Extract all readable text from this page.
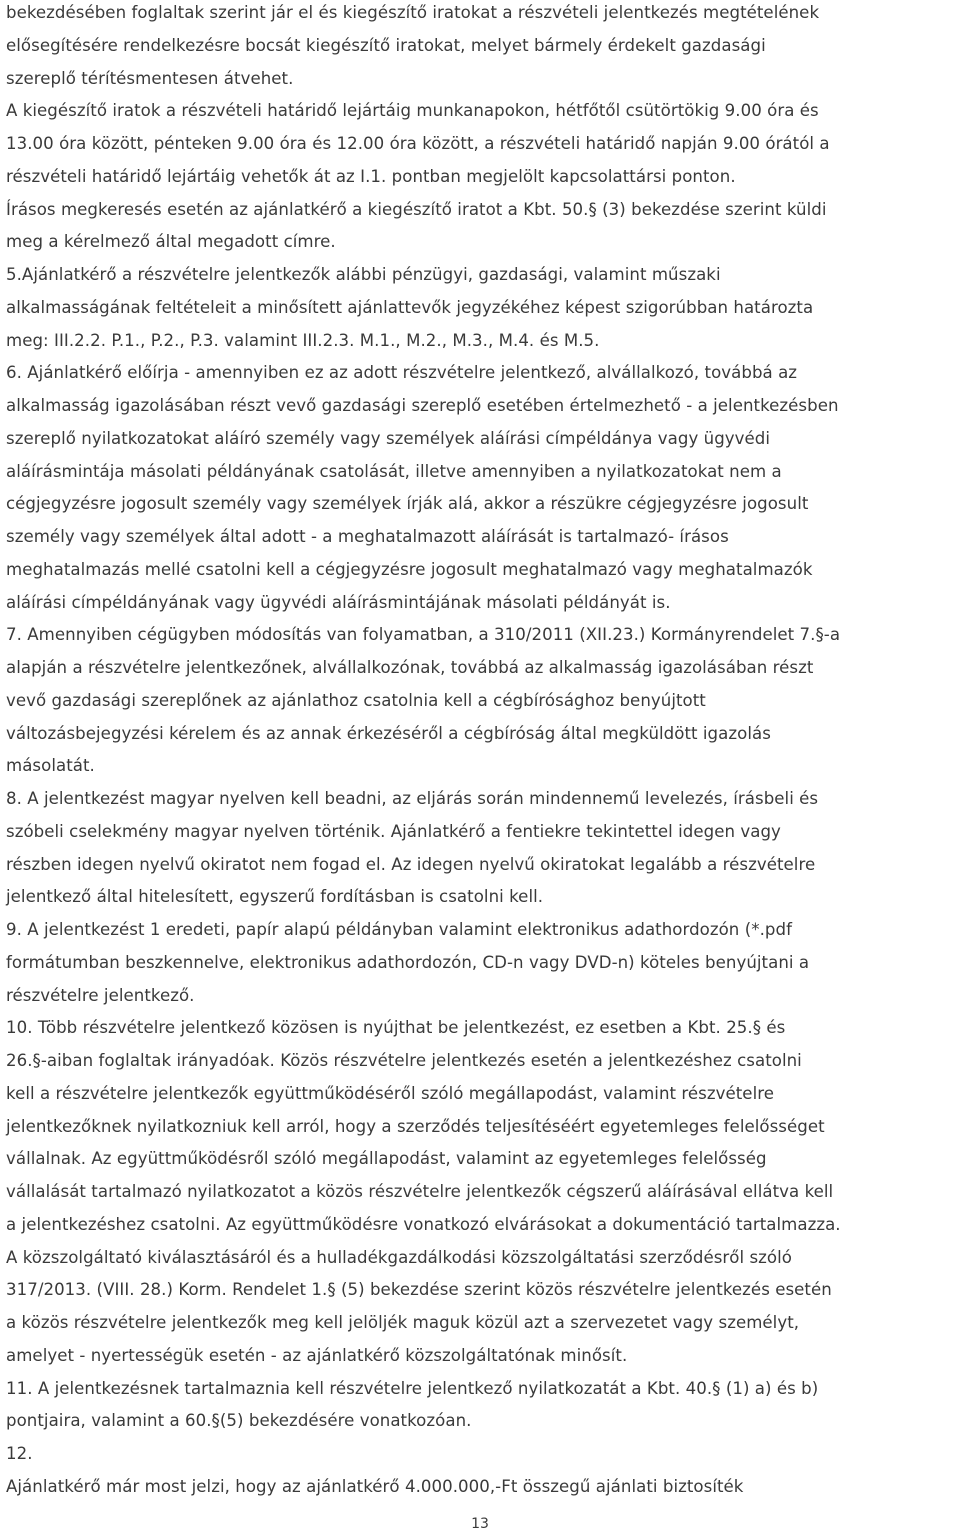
bekezdésében foglaltak szerint jár el és kiegészítő iratokat a részvételi jelentkezés megtételének
elősegítésére rendelkezésre bocsát kiegészítő iratokat, melyet bármely érdekelt gazdasági
szereplő térítésmentesen átvehet.
A kiegészítő iratok a részvételi határidő lejártáig munkanapokon, hétfőtől csütörtökig 9.00 óra és
13.00 óra között, pénteken 9.00 óra és 12.00 óra között, a részvételi határidő napján 9.00 órától a
részvételi határidő lejártáig vehetők át az I.1. pontban megjelölt kapcsolattársi ponton.
Írásos megkeresés esetén az ajánlatkérő a kiegészítő iratot a Kbt. 50.§ (3) bekezdése szerint küldi
meg a kérelmező által megadott címre.
5.Ajánlatkérő a részvételre jelentkezők alábbi pénzügyi, gazdasági, valamint műszaki
alkalmasságának feltételeit a minősített ajánlattevők jegyzékéhez képest szigorúbban határozta
meg: III.2.2. P.1., P.2., P.3. valamint III.2.3. M.1., M.2., M.3., M.4. és M.5.
6. Ajánlatkérő előírja - amennyiben ez az adott részvételre jelentkező, alvállalkozó, továbbá az
alkalmasság igazolásában részt vevő gazdasági szereplő esetében értelmezhető - a jelentkezésben
szereplő nyilatkozatokat aláíró személy vagy személyek aláírási címpéldánya vagy ügyvédi
aláírásmintája másolati példányának csatolását, illetve amennyiben a nyilatkozatokat nem a
cégjegyzésre jogosult személy vagy személyek írják alá, akkor a részükre cégjegyzésre jogosult
személy vagy személyek által adott - a meghatalmazott aláírását is tartalmazó- írásos
meghatalmazás mellé csatolni kell a cégjegyzésre jogosult meghatalmazó vagy meghatalmazók
aláírási címpéldányának vagy ügyvédi aláírásmintájának másolati példányát is.
7. Amennyiben cégügyben módosítás van folyamatban, a 310/2011 (XII.23.) Kormányrendelet 7.§-a
alapján a részvételre jelentkezőnek, alvállalkozónak, továbbá az alkalmasság igazolásában részt
vevő gazdasági szereplőnek az ajánlathoz csatolnia kell a cégbírósághoz benyújtott
változásbejegyzési kérelem és az annak érkezéséről a cégbíróság által megküldött igazolás
másolatát.
8. A jelentkezést magyar nyelven kell beadni, az eljárás során mindennemű levelezés, írásbeli és
szóbeli cselekmény magyar nyelven történik. Ajánlatkérő a fentiekre tekintettel idegen vagy
részben idegen nyelvű okiratot nem fogad el. Az idegen nyelvű okiratokat legalább a részvételre
jelentkező által hitelesített, egyszerű fordításban is csatolni kell.
9. A jelentkezést 1 eredeti, papír alapú példányban valamint elektronikus adathordozón (*.pdf
formátumban beszkennelve, elektronikus adathordozón, CD-n vagy DVD-n) köteles benyújtani a
részvételre jelentkező.
10. Több részvételre jelentkező közösen is nyújthat be jelentkezést, ez esetben a Kbt. 25.§ és
26.§-aiban foglaltak irányadóak. Közös részvételre jelentkezés esetén a jelentkezéshez csatolni
kell a részvételre jelentkezők együttműködéséről szóló megállapodást, valamint részvételre
jelentkezőknek nyilatkozniuk kell arról, hogy a szerződés teljesítéséért egyetemleges felelősséget
vállalnak. Az együttműködésről szóló megállapodást, valamint az egyetemleges felelősség
vállalását tartalmazó nyilatkozatot a közös részvételre jelentkezők cégszerű aláírásával ellátva kell
a jelentkezéshez csatolni. Az együttműködésre vonatkozó elvárásokat a dokumentáció tartalmazza.
A közszolgáltató kiválasztásáról és a hulladékgazdálkodási közszolgáltatási szerződésről szóló
317/2013. (VIII. 28.) Korm. Rendelet 1.§ (5) bekezdése szerint közös részvételre jelentkezés esetén
a közös részvételre jelentkezők meg kell jelöljék maguk közül azt a szervezetet vagy személyt,
amelyet - nyertességük esetén - az ajánlatkérő közszolgáltatónak minősít.
11. A jelentkezésnek tartalmaznia kell részvételre jelentkező nyilatkozatát a Kbt. 40.§ (1) a) és b)
pontjaira, valamint a 60.§(5) bekezdésére vonatkozóan.
12.
Ajánlatkérő már most jelzi, hogy az ajánlatkérő 4.000.000,-Ft összegű ajánlati biztosíték
13
